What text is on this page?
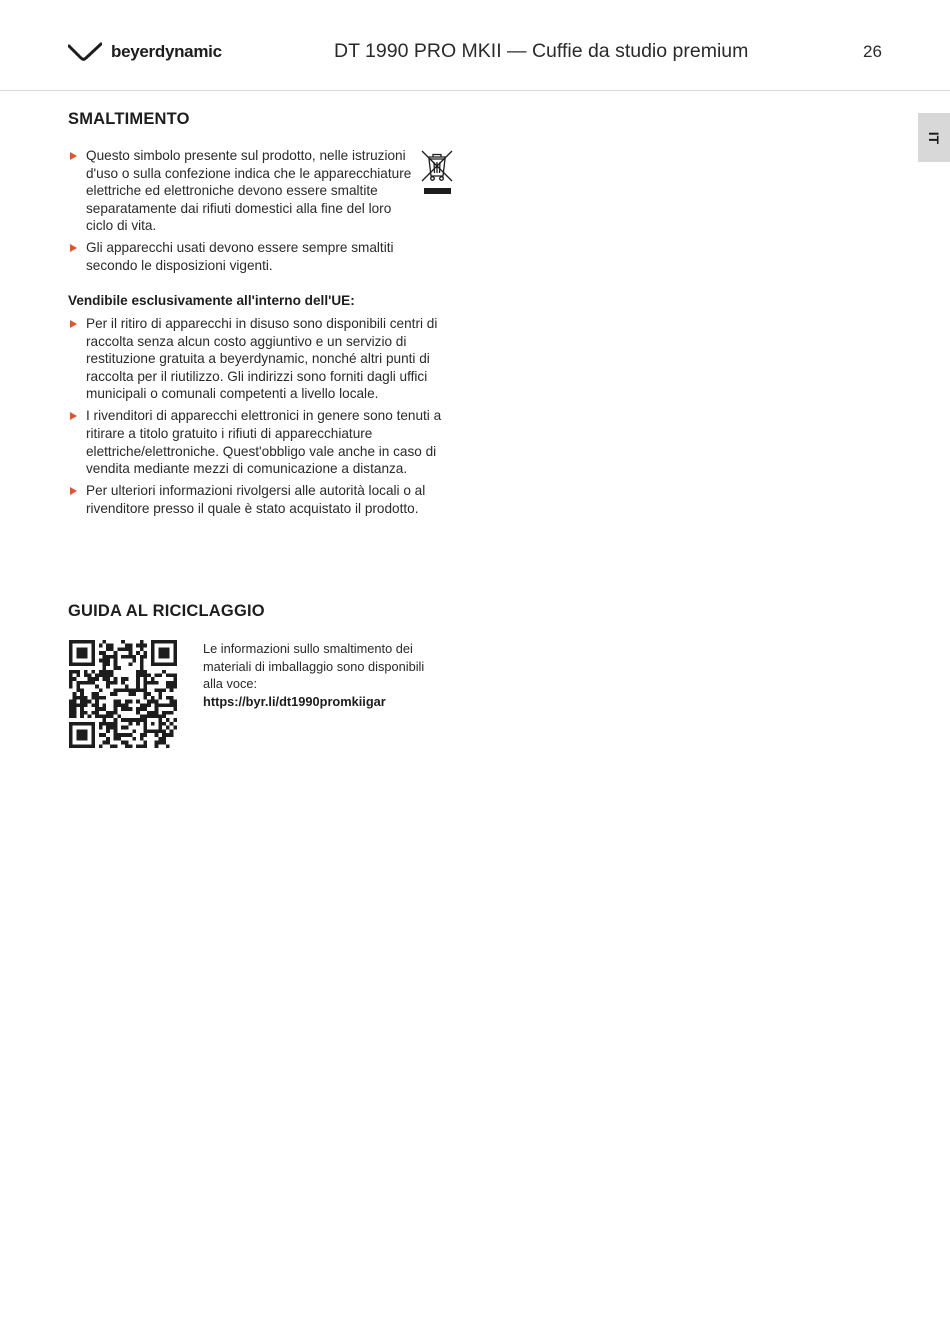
beyerdynamic	DT 1990 PRO MKII — Cuffie da studio premium	26
IT
SMALTIMENTO
Questo simbolo presente sul prodotto, nelle istruzioni d'uso o sulla confezione indica che le apparecchiature elettriche ed elettroniche devono essere smaltite separatamente dai rifiuti domestici alla fine del loro ciclo di vita.
Gli apparecchi usati devono essere sempre smaltiti secondo le disposizioni vigenti.
Vendibile esclusivamente all'interno dell'UE:
Per il ritiro di apparecchi in disuso sono disponibili centri di raccolta senza alcun costo aggiuntivo e un servizio di restituzione gratuita a beyerdynamic, nonché altri punti di raccolta per il riutilizzo. Gli indirizzi sono forniti dagli uffici municipali o comunali competenti a livello locale.
I rivenditori di apparecchi elettronici in genere sono tenuti a ritirare a titolo gratuito i rifiuti di apparecchiature elettriche/elettroniche. Quest'obbligo vale anche in caso di vendita mediante mezzi di comunicazione a distanza.
Per ulteriori informazioni rivolgersi alle autorità locali o al rivenditore presso il quale è stato acquistato il prodotto.
GUIDA AL RICICLAGGIO
Le informazioni sullo smaltimento dei materiali di imballaggio sono disponibili alla voce:
https://byr.li/dt1990promkiigar
